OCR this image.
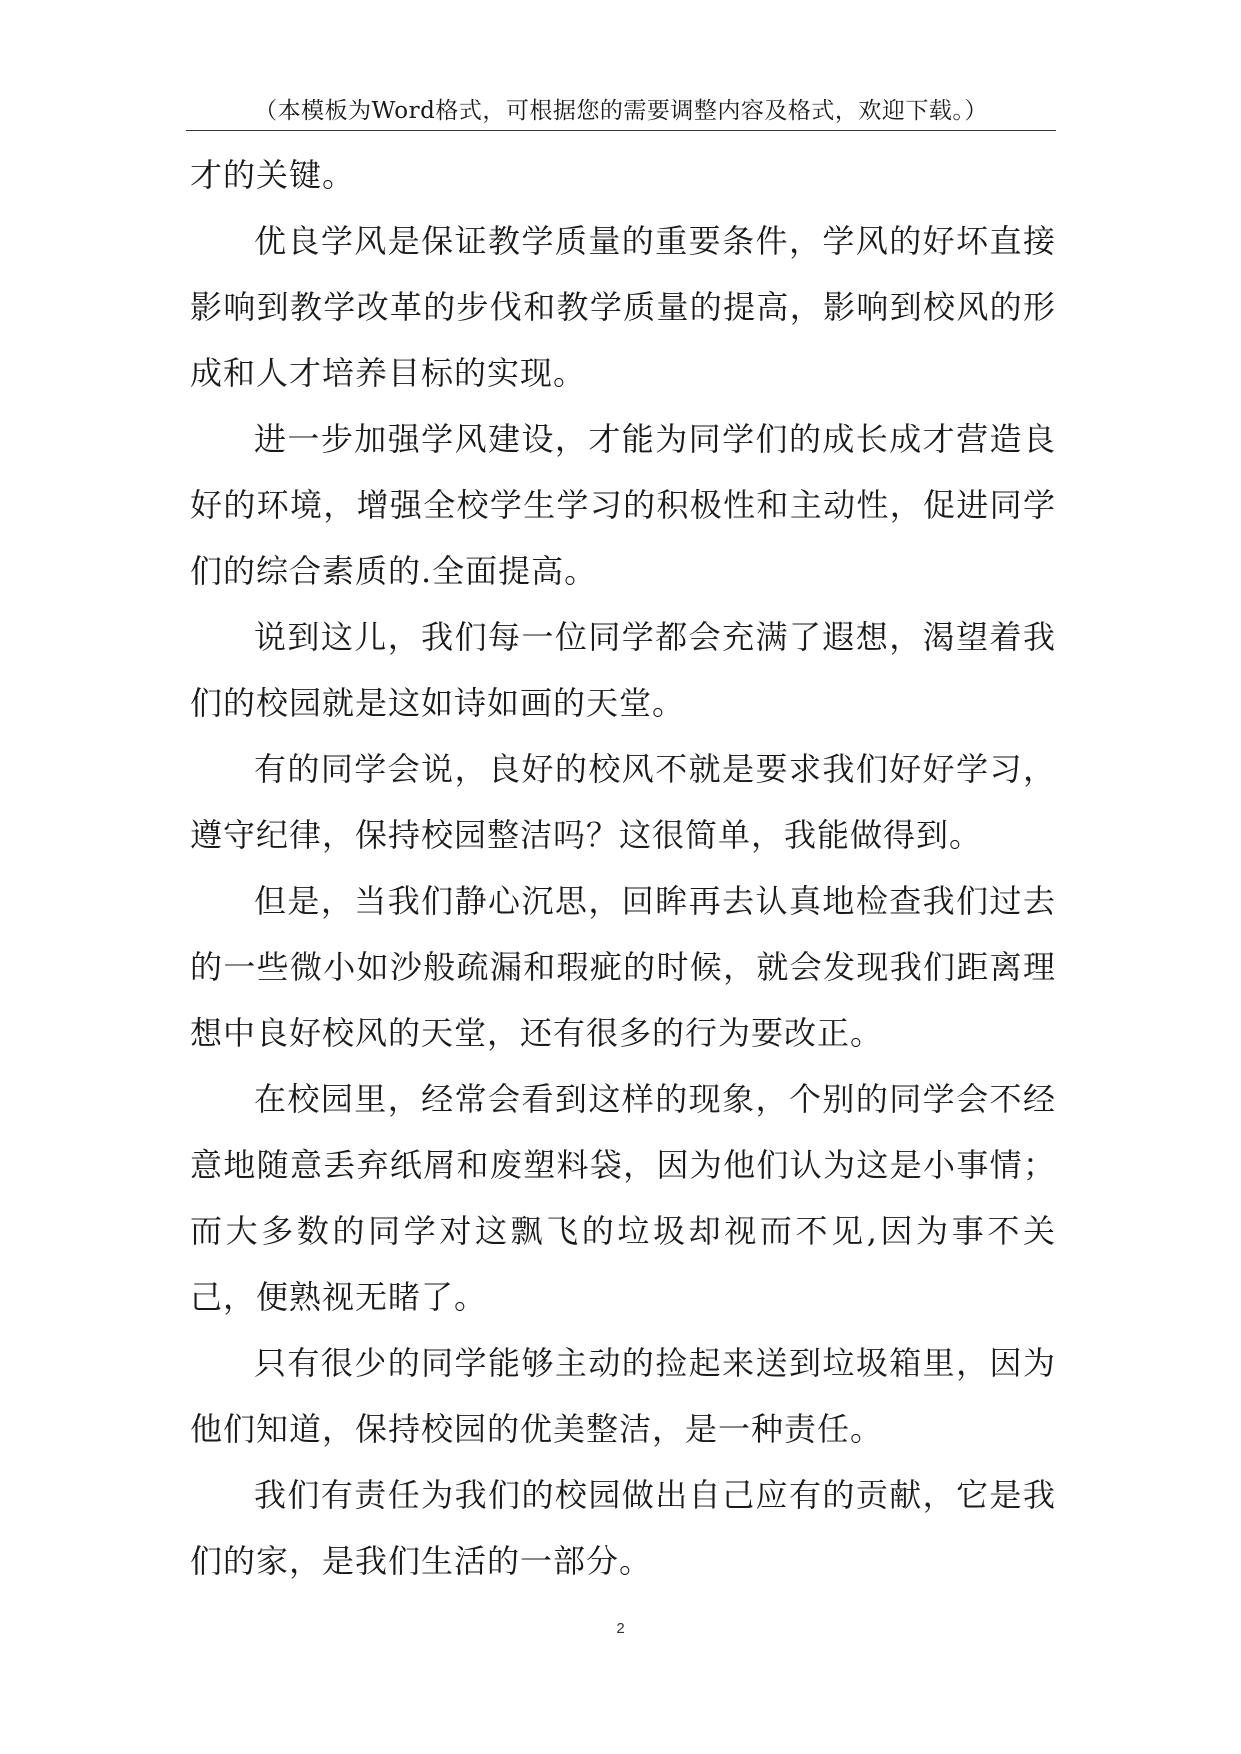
（本模板为Word格式，可根据您的需要调整内容及格式，欢迎下载。）

才的关键。

优良学风是保证教学质量的重要条件，学风的好坏直接影响到教学改革的步伐和教学质量的提高，影响到校风的形成和人才培养目标的实现。

进一步加强学风建设，才能为同学们的成长成才营造良好的环境，增强全校学生学习的积极性和主动性，促进同学们的综合素质的.全面提高。

说到这儿，我们每一位同学都会充满了遐想，渴望着我们的校园就是这如诗如画的天堂。

有的同学会说，良好的校风不就是要求我们好好学习，遵守纪律，保持校园整洁吗？这很简单，我能做得到。

但是，当我们静心沉思，回眸再去认真地检查我们过去的一些微小如沙般疏漏和瑕疵的时候，就会发现我们距离理想中良好校风的天堂，还有很多的行为要改正。

在校园里，经常会看到这样的现象，个别的同学会不经意地随意丢弃纸屑和废塑料袋，因为他们认为这是小事情；而大多数的同学对这飘飞的垃圾却视而不见,因为事不关己，便熟视无睹了。

只有很少的同学能够主动的捡起来送到垃圾箱里，因为他们知道，保持校园的优美整洁，是一种责任。

我们有责任为我们的校园做出自己应有的贡献，它是我们的家，是我们生活的一部分。

2
